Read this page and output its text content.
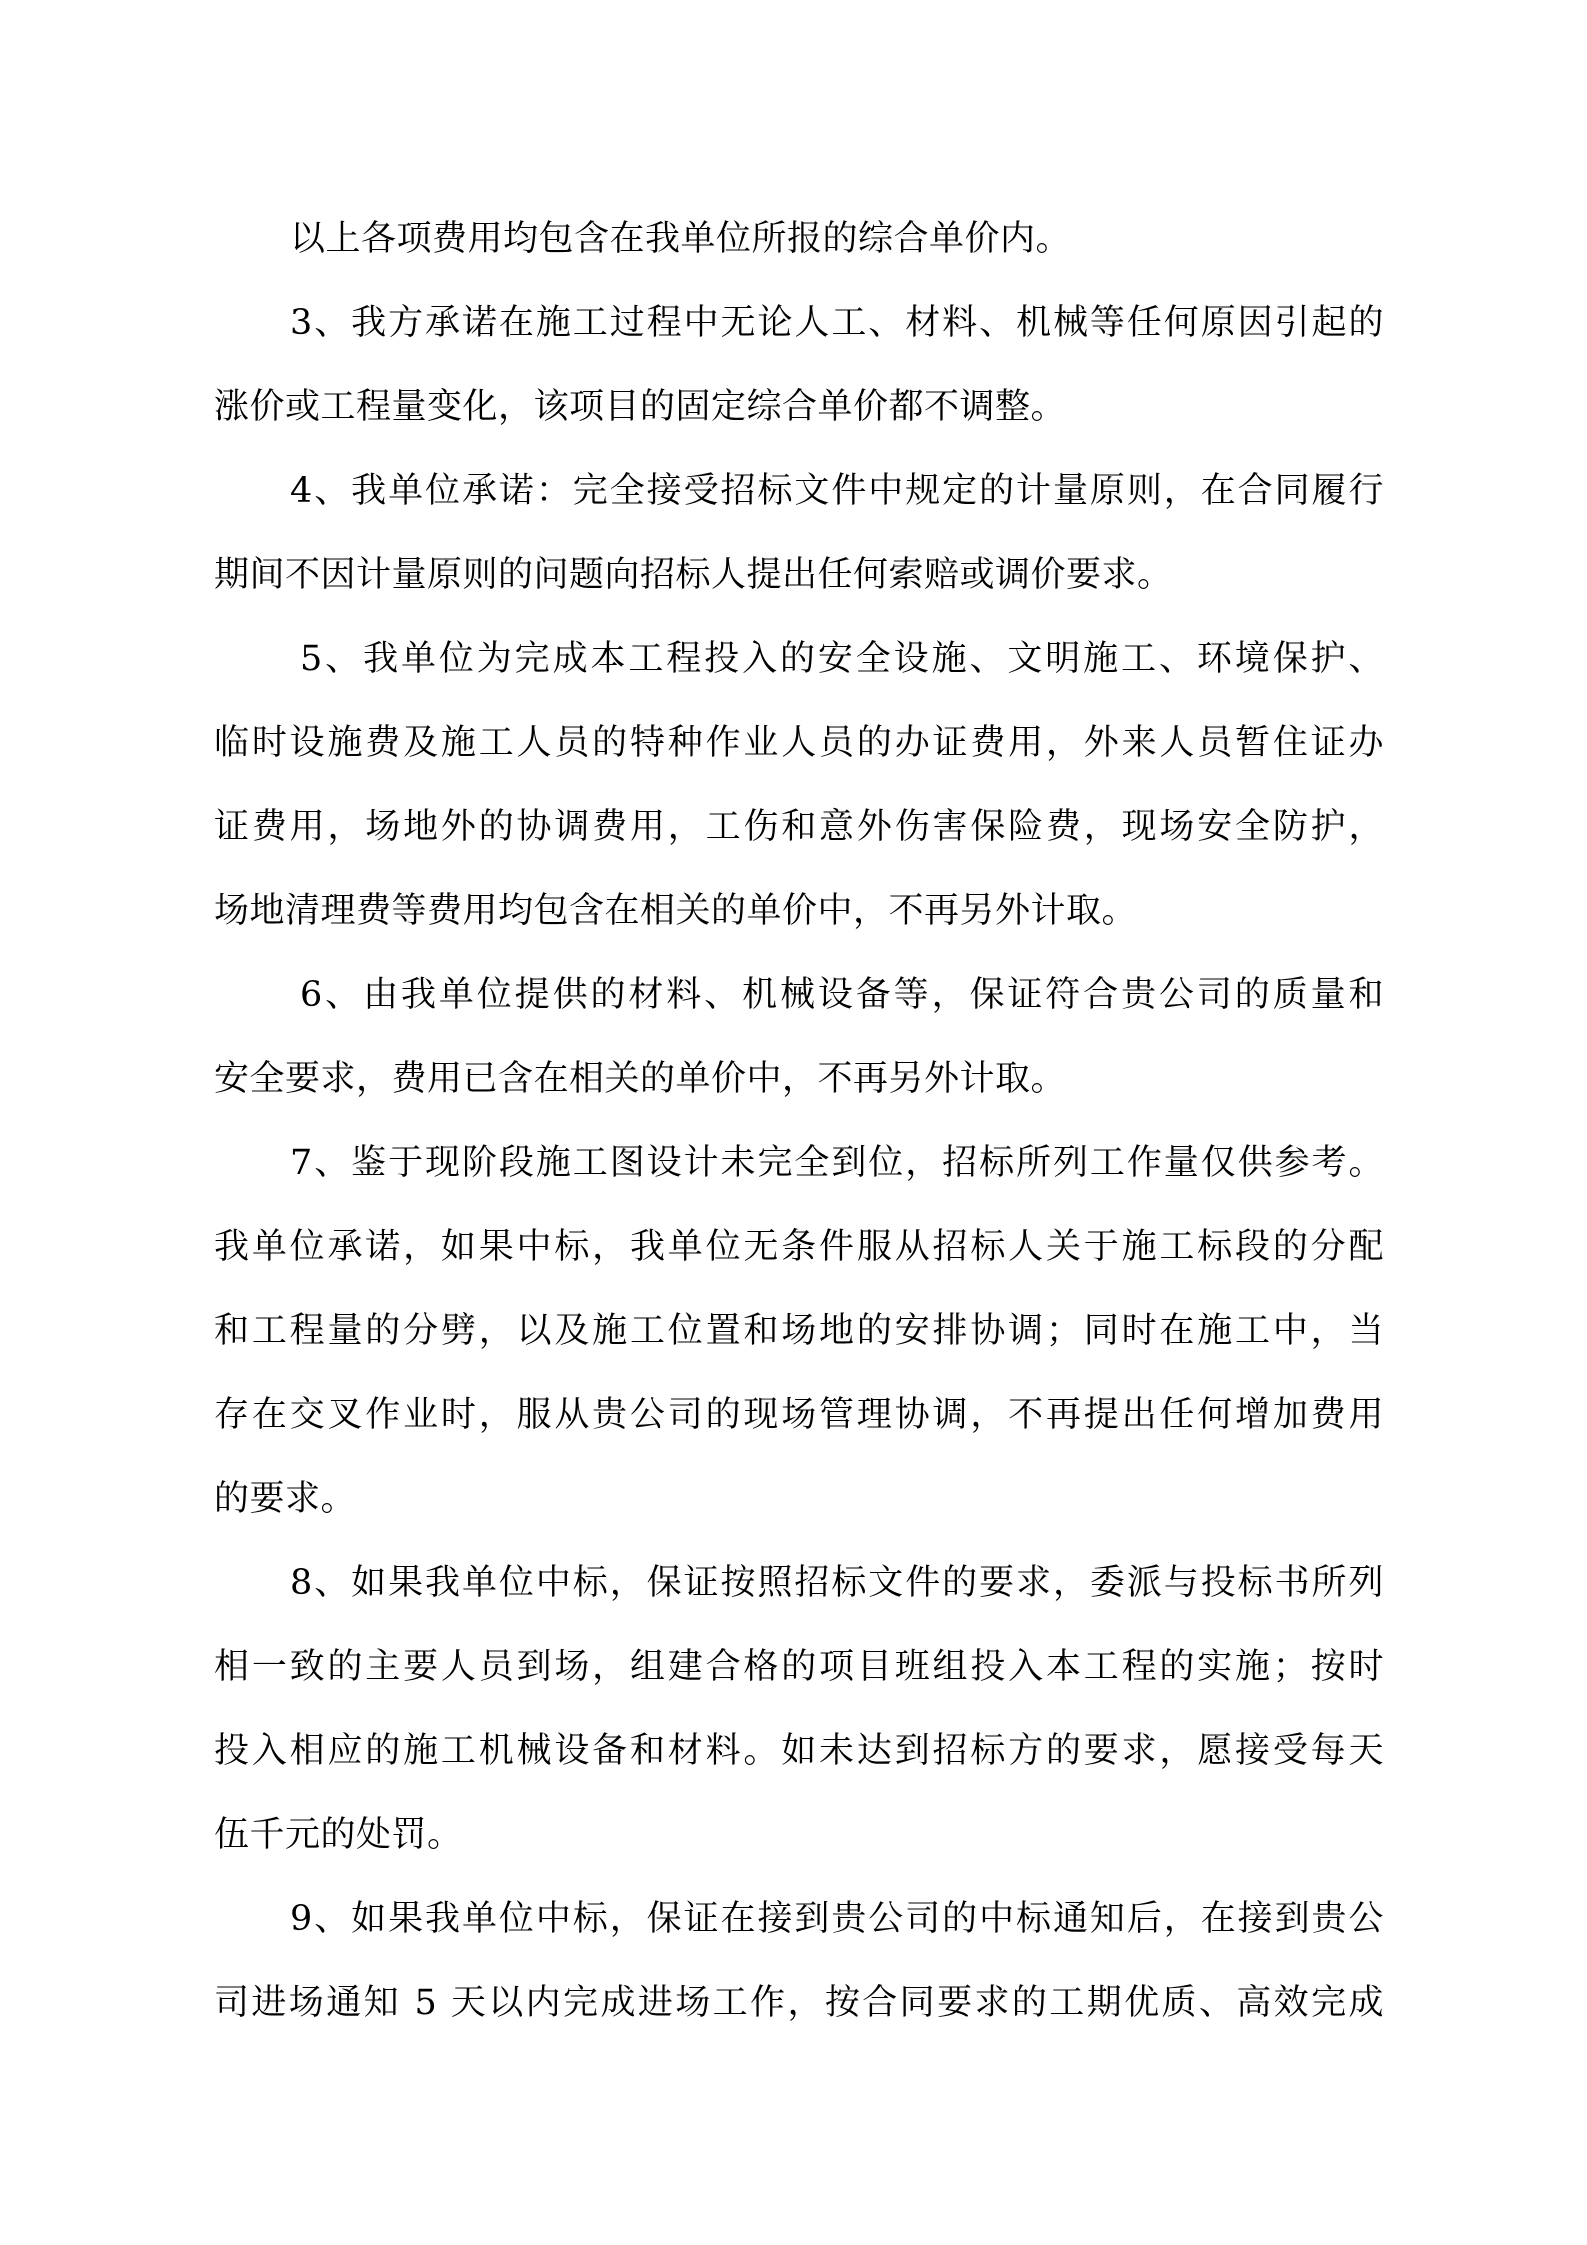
以上各项费用均包含在我单位所报的综合单价内。
3、我方承诺在施工过程中无论人工、材料、机械等任何原因引起的
涨价或工程量变化，该项目的固定综合单价都不调整。
4、我单位承诺：完全接受招标文件中规定的计量原则，在合同履行
期间不因计量原则的问题向招标人提出任何索赔或调价要求。
5、我单位为完成本工程投入的安全设施、文明施工、环境保护、
临时设施费及施工人员的特种作业人员的办证费用，外来人员暂住证办
证费用，场地外的协调费用，工伤和意外伤害保险费，现场安全防护，
场地清理费等费用均包含在相关的单价中，不再另外计取。
6、由我单位提供的材料、机械设备等，保证符合贵公司的质量和
安全要求，费用已含在相关的单价中，不再另外计取。
7、鉴于现阶段施工图设计未完全到位，招标所列工作量仅供参考。
我单位承诺，如果中标，我单位无条件服从招标人关于施工标段的分配
和工程量的分劈，以及施工位置和场地的安排协调；同时在施工中，当
存在交叉作业时，服从贵公司的现场管理协调，不再提出任何增加费用
的要求。
8、如果我单位中标，保证按照招标文件的要求，委派与投标书所列
相一致的主要人员到场，组建合格的项目班组投入本工程的实施；按时
投入相应的施工机械设备和材料。如未达到招标方的要求，愿接受每天
伍千元的处罚。
9、如果我单位中标，保证在接到贵公司的中标通知后，在接到贵公
司进场通知 5 天以内完成进场工作，按合同要求的工期优质、高效完成
